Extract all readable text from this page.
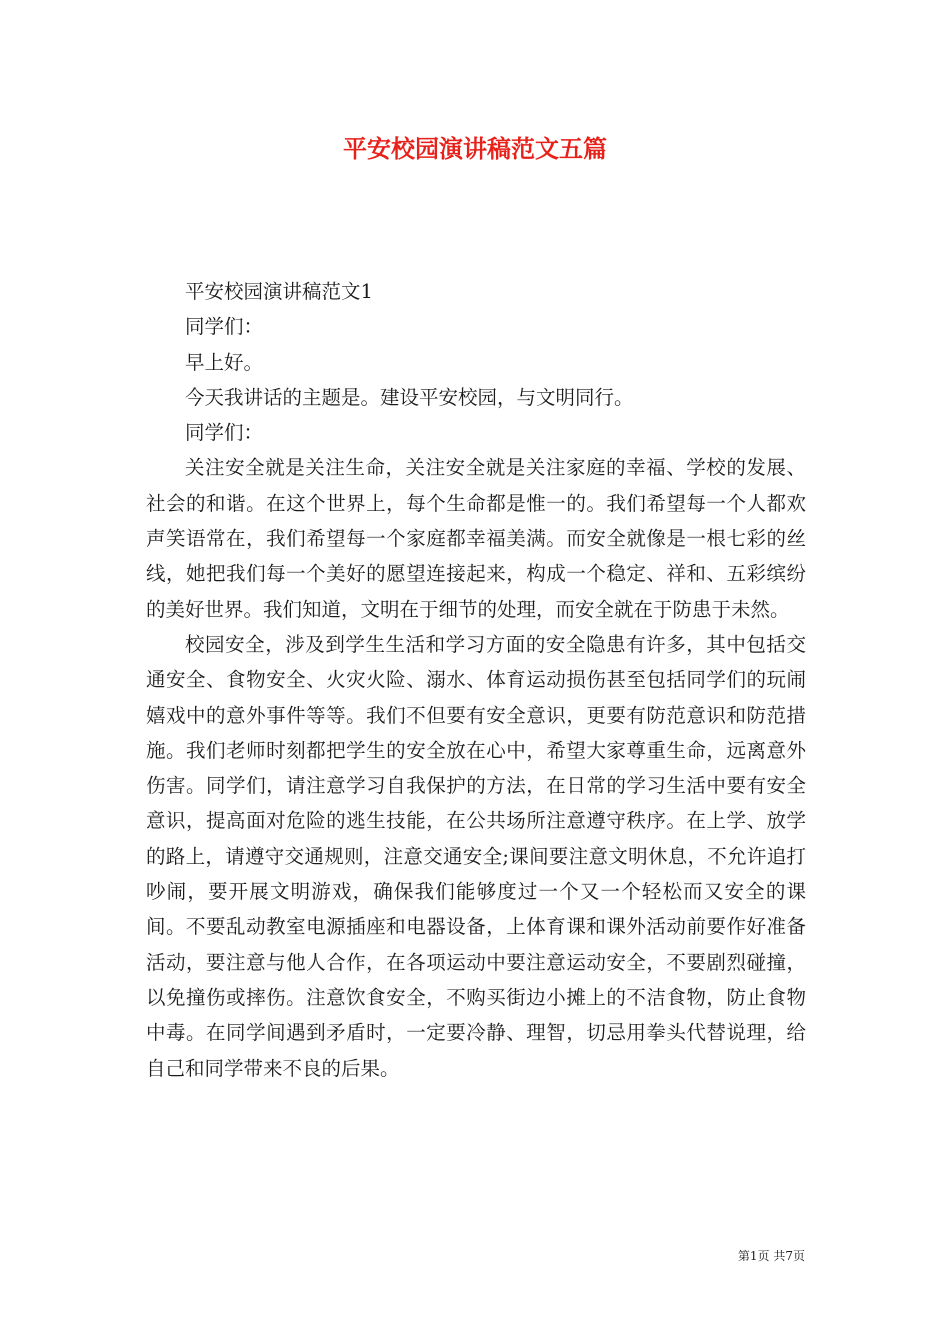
平安校园演讲稿范文五篇

平安校园演讲稿范文1

同学们：

早上好。

今天我讲话的主题是。建设平安校园，与文明同行。

同学们：

关注安全就是关注生命，关注安全就是关注家庭的幸福、学校的发展、社会的和谐。在这个世界上，每个生命都是惟一的。我们希望每一个人都欢声笑语常在，我们希望每一个家庭都幸福美满。而安全就像是一根七彩的丝线，她把我们每一个美好的愿望连接起来，构成一个稳定、祥和、五彩缤纷的美好世界。我们知道，文明在于细节的处理，而安全就在于防患于未然。

校园安全，涉及到学生生活和学习方面的安全隐患有许多，其中包括交通安全、食物安全、火灾火险、溺水、体育运动损伤甚至包括同学们的玩闹嬉戏中的意外事件等等。我们不但要有安全意识，更要有防范意识和防范措施。我们老师时刻都把学生的安全放在心中，希望大家尊重生命，远离意外伤害。同学们，请注意学习自我保护的方法，在日常的学习生活中要有安全意识，提高面对危险的逃生技能，在公共场所注意遵守秩序。在上学、放学的路上，请遵守交通规则，注意交通安全;课间要注意文明休息，不允许追打吵闹，要开展文明游戏，确保我们能够度过一个又一个轻松而又安全的课间。不要乱动教室电源插座和电器设备，上体育课和课外活动前要作好准备活动，要注意与他人合作，在各项运动中要注意运动安全，不要剧烈碰撞，以免撞伤或摔伤。注意饮食安全，不购买街边小摊上的不洁食物，防止食物中毒。在同学间遇到矛盾时，一定要冷静、理智，切忌用拳头代替说理，给自己和同学带来不良的后果。

第1页 共7页
